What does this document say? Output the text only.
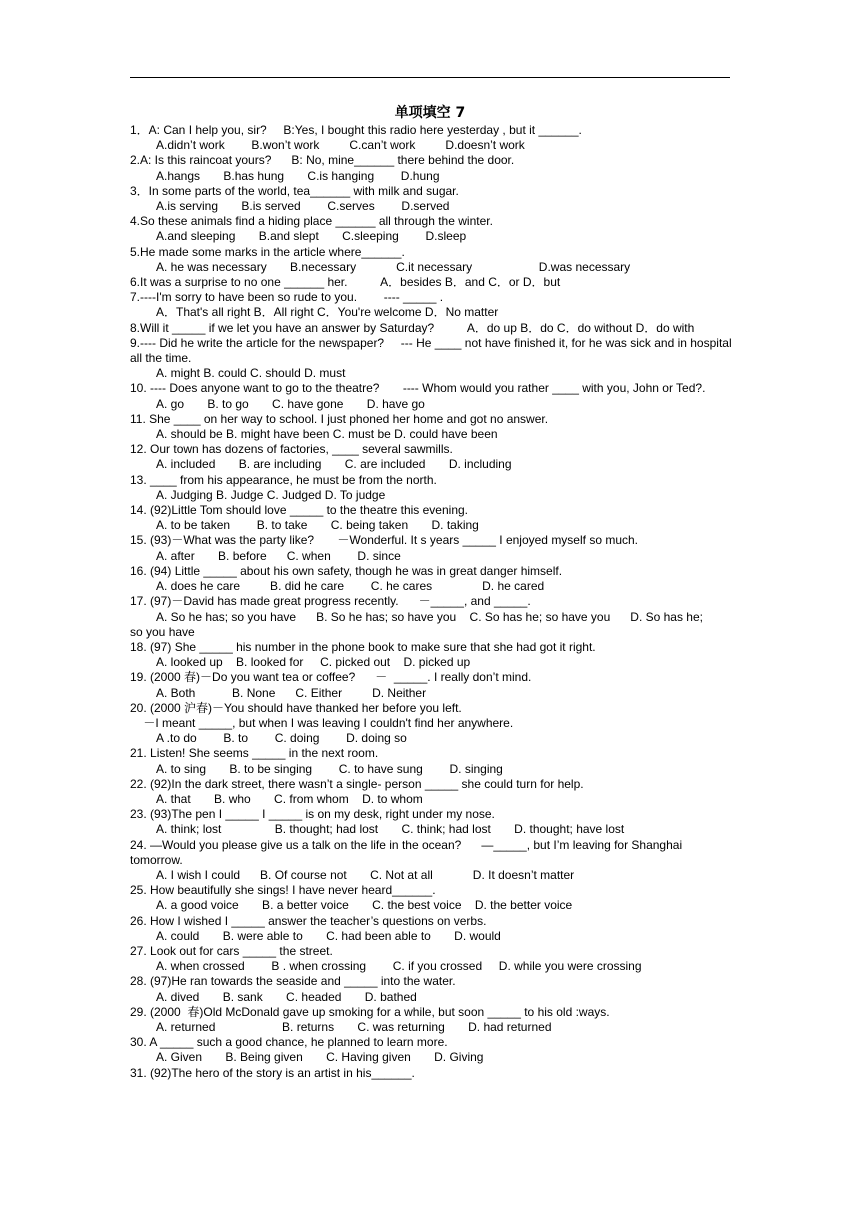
单项填空 7

1．A: Can I help you, sir?     B:Yes, I bought this radio here yesterday , but it ______.

A.didn’t work        B.won’t work         C.can’t work         D.doesn’t work

2.A: Is this raincoat yours?      B: No, mine______ there behind the door.

A.hangs       B.has hung       C.is hanging        D.hung

3．In some parts of the world, tea______ with milk and sugar.

A.is serving       B.is served        C.serves        D.served

4.So these animals find a hiding place ______ all through the winter.

A.and sleeping       B.and slept       C.sleeping        D.sleep

5.He made some marks in the article where______.

A. he was necessary       B.necessary            C.it necessary                    D.was necessary

6.It was a surprise to no one ______ her.          A．besides B．and C．or D．but

7.----I'm sorry to have been so rude to you.        ---- _____ .

A．That's all right B．All right C．You're welcome D．No matter

8.Will it _____ if we let you have an answer by Saturday?          A．do up B．do C．do without D．do with

9.---- Did he write the article for the newspaper?     --- He ____ not have finished it, for he was sick and in hospital all the time.

A. might B. could C. should D. must

10. ---- Does anyone want to go to the theatre?       ---- Whom would you rather ____ with you, John or Ted?.

A. go       B. to go       C. have gone       D. have go

11. She ____ on her way to school. I just phoned her home and got no answer.

A. should be B. might have been C. must be D. could have been

12. Our town has dozens of factories, ____ several sawmills.

A. included       B. are including       C. are included       D. including

13. ____ from his appearance, he must be from the north.

A. Judging B. Judge C. Judged D. To judge

14. (92)Little Tom should love _____ to the theatre this evening.

A. to be taken        B. to take       C. being taken       D. taking

15. (93)－What was the party like?       －Wonderful. It s years _____ I enjoyed myself so much.

A. after       B. before      C. when        D. since

16. (94) Little _____ about his own safety, though he was in great danger himself.

A. does he care         B. did he care        C. he cares               D. he cared

17. (97)－David has made great progress recently.      －_____, and _____.

A. So he has; so you have      B. So he has; so have you    C. So has he; so have you      D. So has he;

so you have

18. (97) She _____ his number in the phone book to make sure that she had got it right.

A. looked up    B. looked for     C. picked out    D. picked up

19. (2000 春)－Do you want tea or coffee?      －  _____. I really don’t mind.

A. Both           B. None      C. Either         D. Neither

20. (2000 沪春)－You should have thanked her before you left.

－I meant _____, but when I was leaving I couldn't find her anywhere.

A .to do        B. to        C. doing        D. doing so

21. Listen! She seems _____ in the next room.

A. to sing       B. to be singing        C. to have sung        D. singing

22. (92)In the dark street, there wasn’t a single- person _____ she could turn for help.

A. that       B. who       C. from whom    D. to whom

23. (93)The pen I _____ I _____ is on my desk, right under my nose.

A. think; lost                B. thought; had lost       C. think; had lost       D. thought; have lost

24. —Would you please give us a talk on the life in the ocean?      —_____, but I’m leaving for Shanghai tomorrow.

A. I wish I could      B. Of course not       C. Not at all            D. It doesn’t matter

25. How beautifully she sings! I have never heard______.

A. a good voice       B. a better voice       C. the best voice    D. the better voice

26. How I wished I _____ answer the teacher’s questions on verbs.

A. could       B. were able to       C. had been able to       D. would

27. Look out for cars _____ the street.

A. when crossed        B . when crossing        C. if you crossed     D. while you were crossing

28. (97)He ran towards the seaside and _____ into the water.

A. dived       B. sank       C. headed       D. bathed

29. (2000  春)Old McDonald gave up smoking for a while, but soon _____ to his old :ways.

A. returned                    B. returns       C. was returning       D. had returned

30. A _____ such a good chance, he planned to learn more.

A. Given       B. Being given       C. Having given       D. Giving

31. (92)The hero of the story is an artist in his______.
